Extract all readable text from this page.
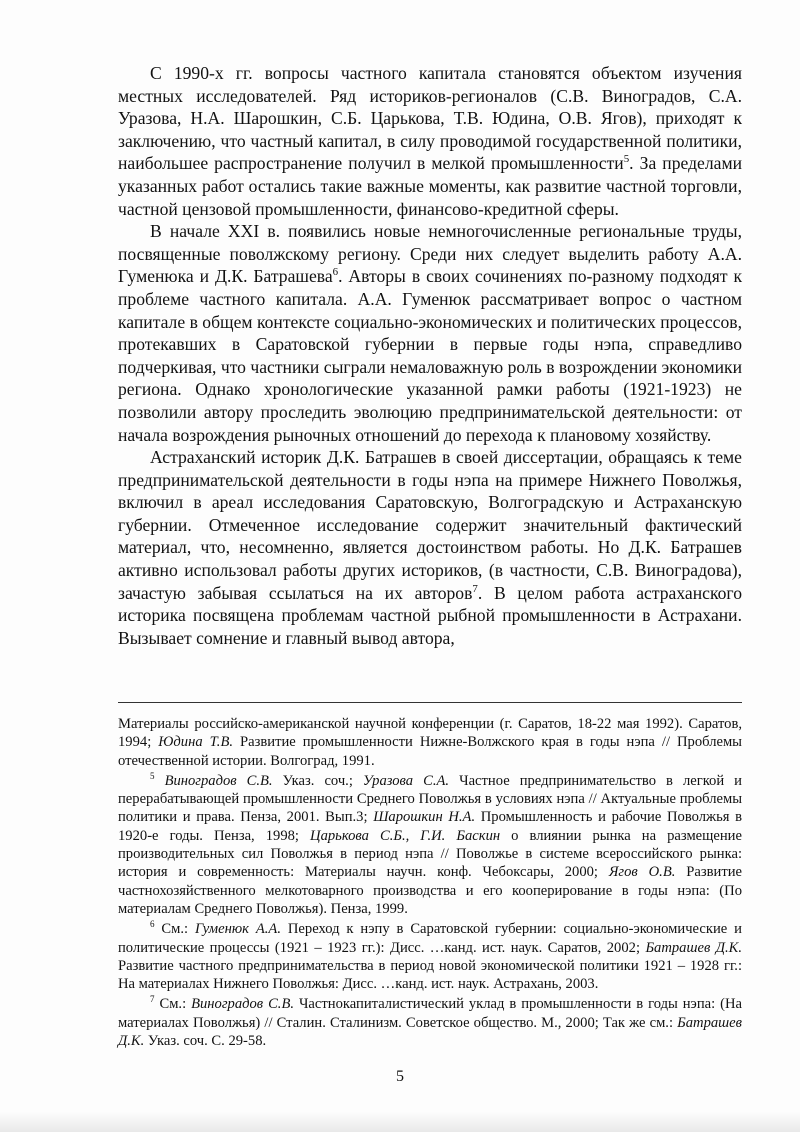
С 1990-х гг. вопросы частного капитала становятся объектом изучения местных исследователей. Ряд историков-регионалов (С.В. Виноградов, С.А. Уразова, Н.А. Шарошкин, С.Б. Царькова, Т.В. Юдина, О.В. Ягов), приходят к заключению, что частный капитал, в силу проводимой государственной политики, наибольшее распространение получил в мелкой промышленности$^5$. За пределами указанных работ остались такие важные моменты, как развитие частной торговли, частной цензовой промышленности, финансово-кредитной сферы.

В начале XXI в. появились новые немногочисленные региональные труды, посвященные поволжскому региону. Среди них следует выделить работу А.А. Гуменюка и Д.К. Батрашева$^6$. Авторы в своих сочинениях по-разному подходят к проблеме частного капитала. А.А. Гуменюк рассматривает вопрос о частном капитале в общем контексте социально-экономических и политических процессов, протекавших в Саратовской губернии в первые годы нэпа, справедливо подчеркивая, что частники сыграли немаловажную роль в возрождении экономики региона. Однако хронологические указанной рамки работы (1921-1923) не позволили автору проследить эволюцию предпринимательской деятельности: от начала возрождения рыночных отношений до перехода к плановому хозяйству.

Астраханский историк Д.К. Батрашев в своей диссертации, обращаясь к теме предпринимательской деятельности в годы нэпа на примере Нижнего Поволжья, включил в ареал исследования Саратовскую, Волгоградскую и Астраханскую губернии. Отмеченное исследование содержит значительный фактический материал, что, несомненно, является достоинством работы. Но Д.К. Батрашев активно использовал работы других историков, (в частности, С.В. Виноградова), зачастую забывая ссылаться на их авторов$^7$. В целом работа астраханского историка посвящена проблемам частной рыбной промышленности в Астрахани. Вызывает сомнение и главный вывод автора,

Материалы российско-американской научной конференции (г. Саратов, 18-22 мая 1992). Саратов, 1994; Юдина Т.В. Развитие промышленности Нижне-Волжского края в годы нэпа // Проблемы отечественной истории. Волгоград, 1991.

$^5$ Виноградов С.В. Указ. соч.; Уразова С.А. Частное предпринимательство в легкой и перерабатывающей промышленности Среднего Поволжья в условиях нэпа // Актуальные проблемы политики и права. Пенза, 2001. Вып.3; Шарошкин Н.А. Промышленность и рабочие Поволжья в 1920-е годы. Пенза, 1998; Царькова С.Б., Г.И. Баскин о влиянии рынка на размещение производительных сил Поволжья в период нэпа // Поволжье в системе всероссийского рынка: история и современность: Материалы научн. конф. Чебоксары, 2000; Ягов О.В. Развитие частнохозяйственного мелкотоварного производства и его кооперирование в годы нэпа: (По материалам Среднего Поволжья). Пенза, 1999.

$^6$ См.: Гуменюк А.А. Переход к нэпу в Саратовской губернии: социально-экономические и политические процессы (1921 – 1923 гг.): Дисс. …канд. ист. наук. Саратов, 2002; Батрашев Д.К. Развитие частного предпринимательства в период новой экономической политики 1921 – 1928 гг.: На материалах Нижнего Поволжья: Дисс. …канд. ист. наук. Астрахань, 2003.

$^7$ См.: Виноградов С.В. Частнокапиталистический уклад в промышленности в годы нэпа: (На материалах Поволжья) // Сталин. Сталинизм. Советское общество. М., 2000; Так же см.: Батрашев Д.К. Указ. соч. С. 29-58.

5
